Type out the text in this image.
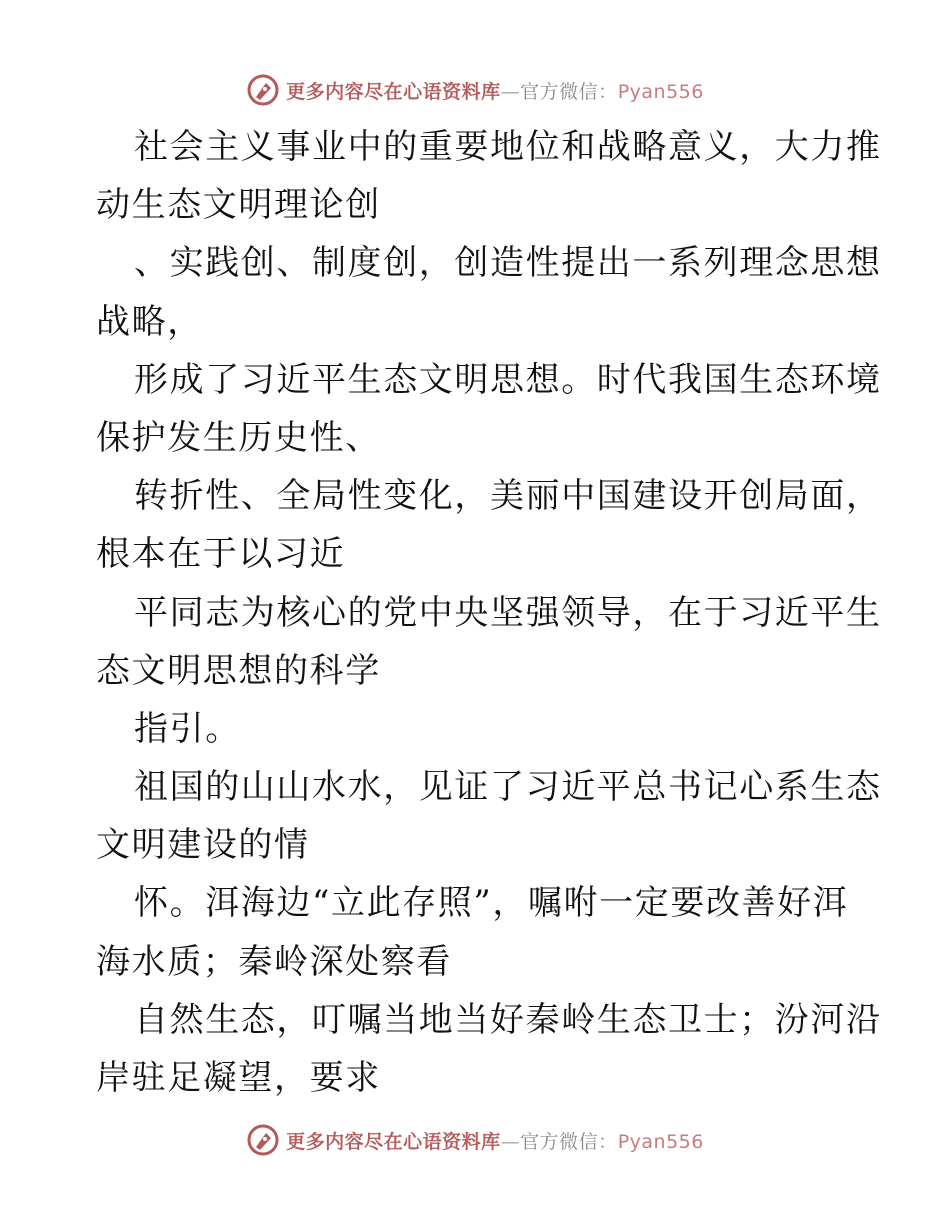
更多内容尽在心语资料库—官方微信：Pyan556
社会主义事业中的重要地位和战略意义，大力推
动生态文明理论创
、实践创、制度创，创造性提出一系列理念思想
战略，
形成了习近平生态文明思想。时代我国生态环境
保护发生历史性、
转折性、全局性变化，美丽中国建设开创局面，
根本在于以习近
平同志为核心的党中央坚强领导，在于习近平生
态文明思想的科学
指引。
祖国的山山水水，见证了习近平总书记心系生态
文明建设的情
怀。洱海边“立此存照”，嘱咐一定要改善好洱
海水质；秦岭深处察看
自然生态，叮嘱当地当好秦岭生态卫士；汾河沿
岸驻足凝望，要求
更多内容尽在心语资料库—官方微信：Pyan556
